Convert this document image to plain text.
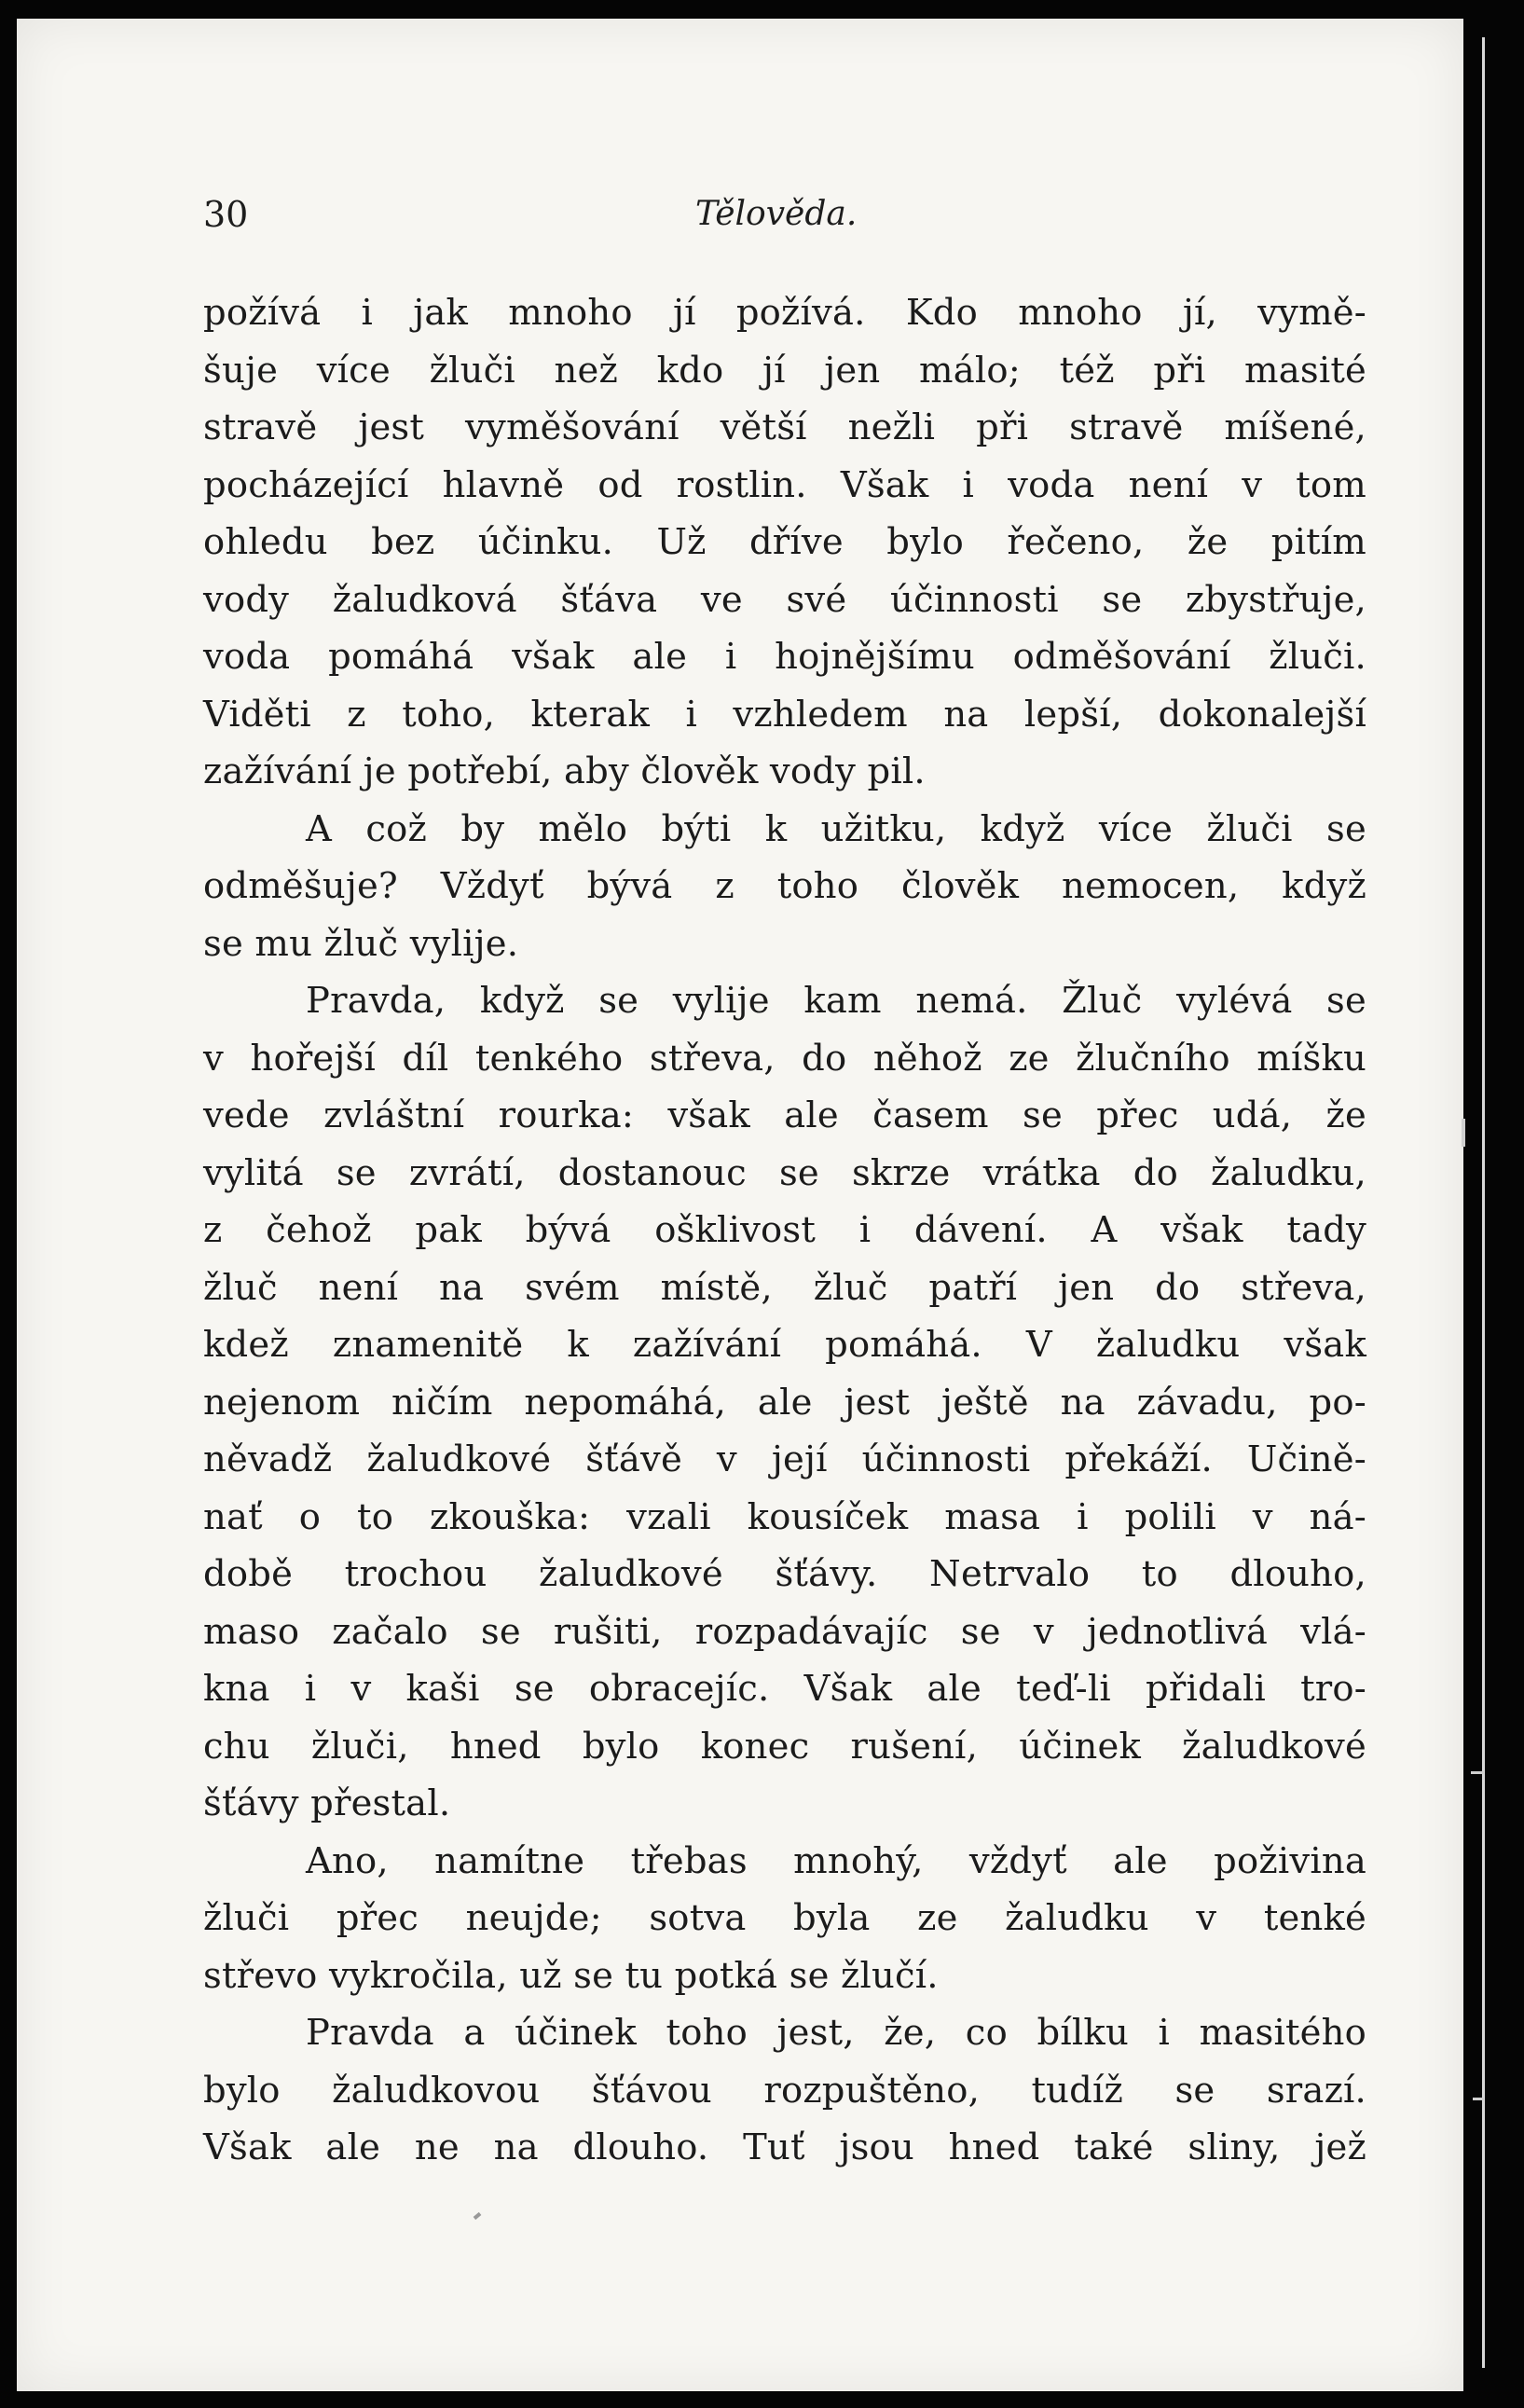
30	Tělověda.
požívá i jak mnoho jí požívá. Kdo mnoho jí, vymě-
šuje více žluči než kdo jí jen málo; též při masité
stravě jest vyměšování větší nežli při stravě míšené,
pocházející hlavně od rostlin. Však i voda není v tom
ohledu bez účinku. Už dříve bylo řečeno, že pitím
vody žaludková šťáva ve své účinnosti se zbystřuje,
voda pomáhá však ale i hojnějšímu odměšování žluči.
Viděti z toho, kterak i vzhledem na lepší, dokonalejší
zažívání je potřebí, aby člověk vody pil.
A což by mělo býti k užitku, když více žluči se
odměšuje? Vždyť bývá z toho člověk nemocen, když
se mu žluč vylije.
Pravda, když se vylije kam nemá. Žluč vylévá se
v hořejší díl tenkého střeva, do něhož ze žlučního míšku
vede zvláštní rourka: však ale časem se přec udá, že
vylitá se zvrátí, dostanouc se skrze vrátka do žaludku,
z čehož pak bývá ošklivost i dávení. A však tady
žluč není na svém místě, žluč patří jen do střeva,
kdež znamenitě k zažívání pomáhá. V žaludku však
nejenom ničím nepomáhá, ale jest ještě na závadu, po-
něvadž žaludkové šťávě v její účinnosti překáží. Učině-
nať o to zkouška: vzali kousíček masa i polili v ná-
době trochou žaludkové šťávy. Netrvalo to dlouho,
maso začalo se rušiti, rozpadávajíc se v jednotlivá vlá-
kna i v kaši se obracejíc. Však ale teď-li přidali tro-
chu žluči, hned bylo konec rušení, účinek žaludkové
šťávy přestal.
Ano, namítne třebas mnohý, vždyť ale poživina
žluči přec neujde; sotva byla ze žaludku v tenké
střevo vykročila, už se tu potká se žlučí.
Pravda a účinek toho jest, že, co bílku i masitého
bylo žaludkovou šťávou rozpuštěno, tudíž se srazí.
Však ale ne na dlouho. Tuť jsou hned také sliny, jež
